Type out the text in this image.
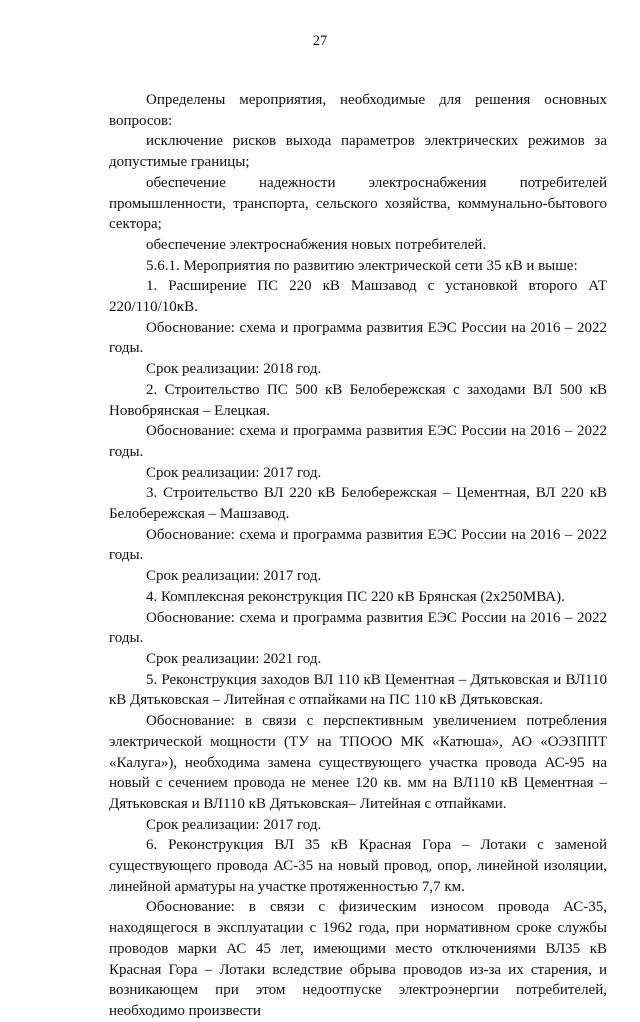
27

Определены мероприятия, необходимые для решения основных вопросов:

исключение рисков выхода параметров электрических режимов за допустимые границы;

обеспечение надежности электроснабжения потребителей промышленности, транспорта, сельского хозяйства, коммунально-бытового сектора;

обеспечение электроснабжения новых потребителей.

5.6.1. Мероприятия по развитию электрической сети 35 кВ и выше:

1. Расширение ПС 220 кВ Машзавод с установкой второго АТ 220/110/10кВ.

Обоснование: схема и программа развития ЕЭС России на 2016 – 2022 годы.

Срок реализации: 2018 год.

2. Строительство ПС 500 кВ Белобережская с заходами ВЛ 500 кВ Новобрянская – Елецкая.

Обоснование: схема и программа развития ЕЭС России на 2016 – 2022 годы.

Срок реализации: 2017 год.

3. Строительство ВЛ 220 кВ Белобережская – Цементная, ВЛ 220 кВ Белобережская – Машзавод.

Обоснование: схема и программа развития ЕЭС России на 2016 – 2022 годы.

Срок реализации: 2017 год.

4. Комплексная реконструкция ПС 220 кВ Брянская (2х250МВА).

Обоснование: схема и программа развития ЕЭС России на 2016 – 2022 годы.

Срок реализации: 2021 год.

5. Реконструкция заходов ВЛ 110 кВ Цементная – Дятьковская и ВЛ110 кВ Дятьковская – Литейная с отпайками на ПС 110 кВ Дятьковская.

Обоснование: в связи с перспективным увеличением потребления электрической мощности (ТУ на ТПООО МК «Катюша», АО «ОЭЗППТ «Калуга»), необходима замена существующего участка провода АС-95 на новый с сечением провода не менее 120 кв. мм на ВЛ110 кВ Цементная – Дятьковская и ВЛ110 кВ Дятьковская– Литейная с отпайками.

Срок реализации: 2017 год.

6. Реконструкция ВЛ 35 кВ Красная Гора – Лотаки с заменой существующего провода АС-35 на новый провод, опор, линейной изоляции, линейной арматуры на участке протяженностью 7,7 км.

Обоснование: в связи с физическим износом провода АС-35, находящегося в эксплуатации с 1962 года, при нормативном сроке службы проводов марки АС 45 лет, имеющими место отключениями ВЛ35 кВ Красная Гора – Лотаки вследствие обрыва проводов из-за их старения, и возникающем при этом недоотпуске электроэнергии потребителей, необходимо произвести
